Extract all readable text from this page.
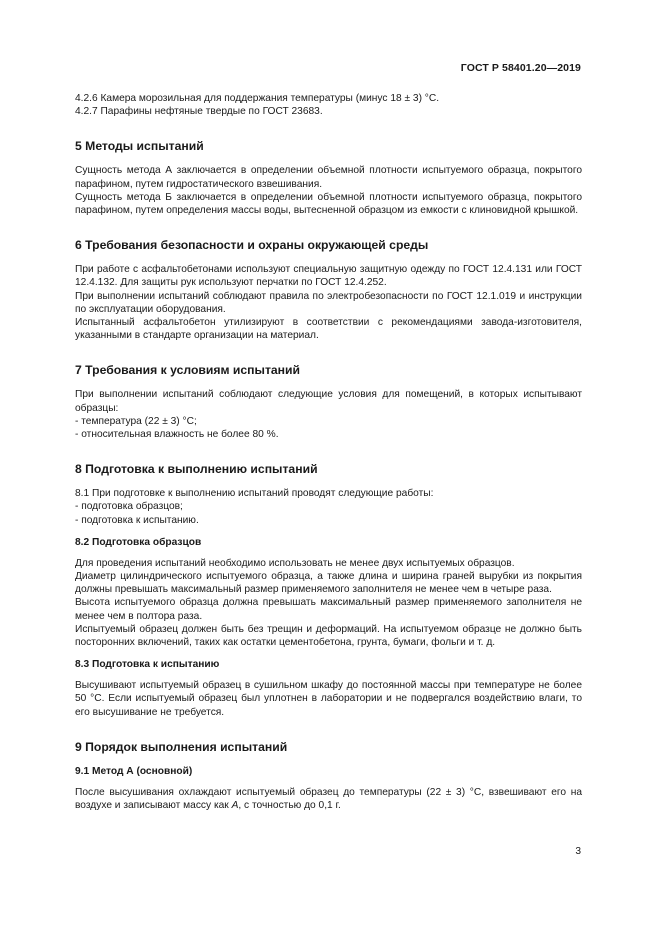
ГОСТ Р 58401.20—2019

4.2.6 Камера морозильная для поддержания температуры (минус 18 ± 3) °С.

4.2.7 Парафины нефтяные твердые по ГОСТ 23683.

5 Методы испытаний

Сущность метода А заключается в определении объемной плотности испытуемого образца, покрытого парафином, путем гидростатического взвешивания.

Сущность метода Б заключается в определении объемной плотности испытуемого образца, покрытого парафином, путем определения массы воды, вытесненной образцом из емкости с клиновидной крышкой.

6 Требования безопасности и охраны окружающей среды

При работе с асфальтобетонами используют специальную защитную одежду по ГОСТ 12.4.131 или ГОСТ 12.4.132. Для защиты рук используют перчатки по ГОСТ 12.4.252.

При выполнении испытаний соблюдают правила по электробезопасности по ГОСТ 12.1.019 и инструкции по эксплуатации оборудования.

Испытанный асфальтобетон утилизируют в соответствии с рекомендациями завода-изготовителя, указанными в стандарте организации на материал.

7 Требования к условиям испытаний

При выполнении испытаний соблюдают следующие условия для помещений, в которых испытывают образцы:

- температура (22 ± 3) °С;
- относительная влажность не более 80 %.
8 Подготовка к выполнению испытаний

8.1 При подготовке к выполнению испытаний проводят следующие работы:

- подготовка образцов;
- подготовка к испытанию.
8.2 Подготовка образцов

Для проведения испытаний необходимо использовать не менее двух испытуемых образцов.

Диаметр цилиндрического испытуемого образца, а также длина и ширина граней вырубки из покрытия должны превышать максимальный размер применяемого заполнителя не менее чем в четыре раза.

Высота испытуемого образца должна превышать максимальный размер применяемого заполнителя не менее чем в полтора раза.

Испытуемый образец должен быть без трещин и деформаций. На испытуемом образце не должно быть посторонних включений, таких как остатки цементобетона, грунта, бумаги, фольги и т. д.

8.3 Подготовка к испытанию

Высушивают испытуемый образец в сушильном шкафу до постоянной массы при температуре не более 50 °С. Если испытуемый образец был уплотнен в лаборатории и не подвергался воздействию влаги, то его высушивание не требуется.

9 Порядок выполнения испытаний
9.1 Метод А (основной)

После высушивания охлаждают испытуемый образец до температуры (22 ± 3) °С, взвешивают его на воздухе и записывают массу как А, с точностью до 0,1 г.

3
